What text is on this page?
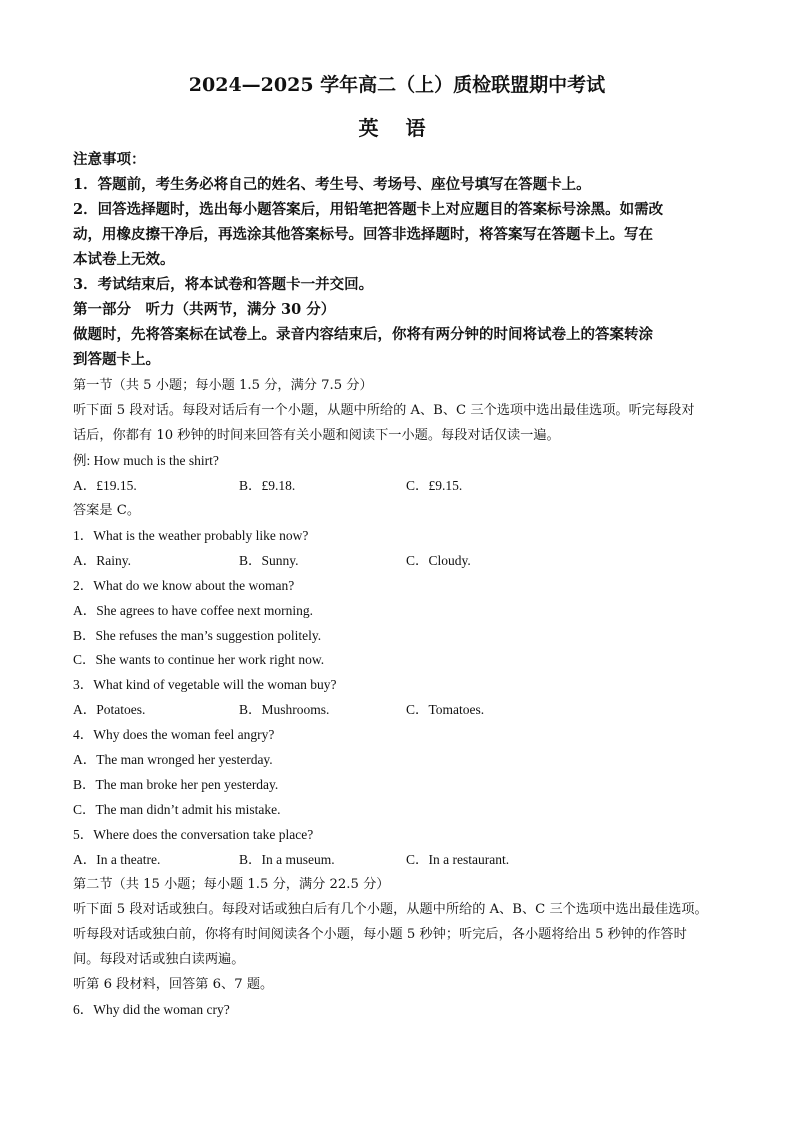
2024—2025 学年高二（上）质检联盟期中考试
英 语
注意事项：
1．答题前，考生务必将自己的姓名、考生号、考场号、座位号填写在答题卡上。
2．回答选择题时，选出每小题答案后，用铅笔把答题卡上对应题目的答案标号涂黑。如需改
动，用橡皮擦干净后，再选涂其他答案标号。回答非选择题时，将答案写在答题卡上。写在
本试卷上无效。
3．考试结束后，将本试卷和答题卡一并交回。
第一部分　听力（共两节，满分 30 分）
做题时，先将答案标在试卷上。录音内容结束后，你将有两分钟的时间将试卷上的答案转涂
到答题卡上。
第一节（共 5 小题；每小题 1.5 分，满分 7.5 分）
听下面 5 段对话。每段对话后有一个小题，从题中所给的 A、B、C 三个选项中选出最佳选项。听完每段对
话后，你都有 10 秒钟的时间来回答有关小题和阅读下一小题。每段对话仅读一遍。
例: How much is the shirt?
A．£19.15.	B．£9.18.	C．£9.15.
答案是 C。
1．What is the weather probably like now?
A．Rainy.	B．Sunny.	C．Cloudy.
2．What do we know about the woman?
A．She agrees to have coffee next morning.
B．She refuses the man’s suggestion politely.
C．She wants to continue her work right now.
3．What kind of vegetable will the woman buy?
A．Potatoes.	B．Mushrooms.	C．Tomatoes.
4．Why does the woman feel angry?
A．The man wronged her yesterday.
B．The man broke her pen yesterday.
C．The man didn’t admit his mistake.
5．Where does the conversation take place?
A．In a theatre.	B．In a museum.	C．In a restaurant.
第二节（共 15 小题；每小题 1.5 分，满分 22.5 分）
听下面 5 段对话或独白。每段对话或独白后有几个小题，从题中所给的 A、B、C 三个选项中选出最佳选项。
听每段对话或独白前，你将有时间阅读各个小题，每小题 5 秒钟；听完后，各小题将给出 5 秒钟的作答时
间。每段对话或独白读两遍。
听第 6 段材料，回答第 6、7 题。
6．Why did the woman cry?
